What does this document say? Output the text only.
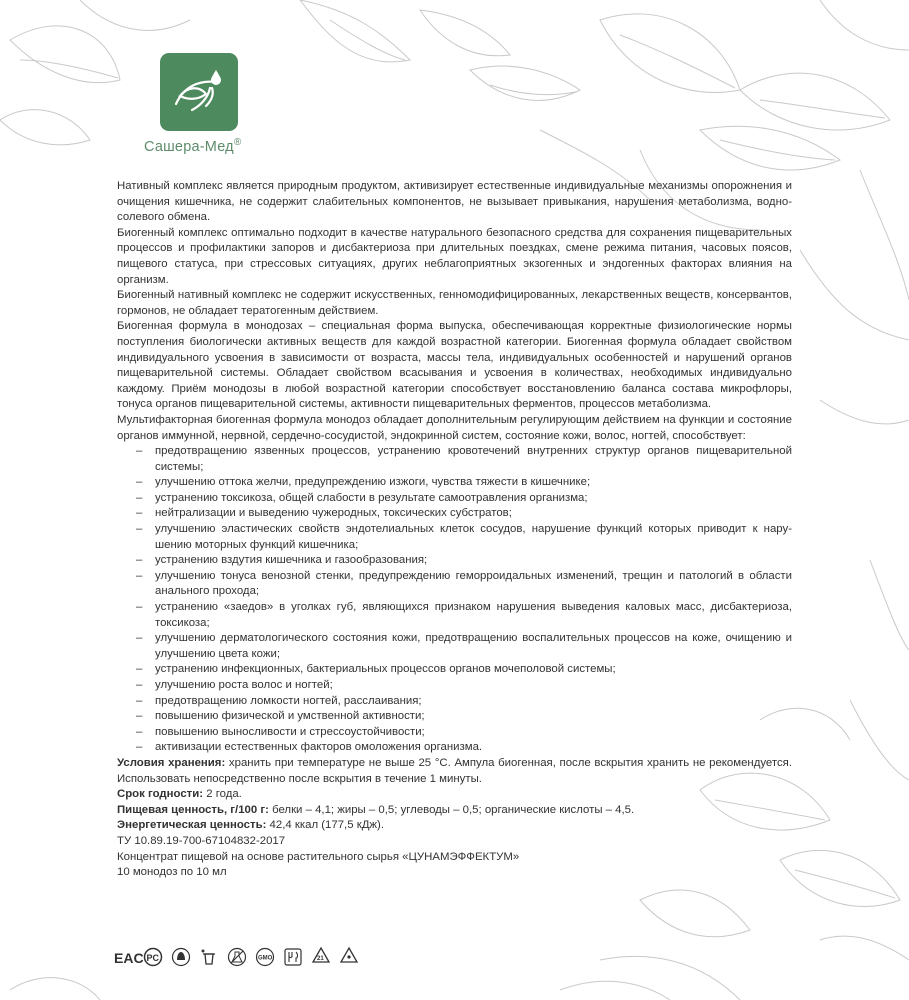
Сашера-Мед®

Нативный комплекс является природным продуктом, активизирует естественные индивидуальные механизмы опорожнения и очищения кишечника, не содержит слабительных компонентов, не вызывает привыкания, нарушения метаболизма, водно-солевого обмена.

Биогенный комплекс оптимально подходит в качестве натурального безопасного средства для сохранения пищеварительных процессов и профилактики запоров и дисбактериоза при длительных поездках, смене режима питания, часовых поясов, пищевого статуса, при стрессовых ситуациях, других неблагоприятных экзогенных и эндогенных факторах влияния на организм.

Биогенный нативный комплекс не содержит искусственных, генномодифицированных, лекарственных веществ, консервантов, гормонов, не обладает тератогенным действием.

Биогенная формула в монодозах – специальная форма выпуска, обеспечивающая корректные физиологические нормы поступления биологически активных веществ для каждой возрастной категории. Биогенная формула обладает свойством индивидуального усвоения в зависимости от возраста, массы тела, индивидуальных особенностей и нарушений органов пищеварительной системы. Обладает свойством всасывания и усвоения в количествах, необходимых индивидуально каждому. Приём монодозы в любой возрастной категории способствует восстановлению баланса состава микрофлоры, тонуса органов пищеварительной системы, активности пищеварительных ферментов, процессов метаболизма.

Мультифакторная биогенная формула монодоз обладает дополнительным регулирующим действием на функции и состояние органов иммунной, нервной, сердечно-сосудистой, эндокринной систем, состояние кожи, волос, ногтей, способствует:

– предотвращению язвенных процессов, устранению кровотечений внутренних структур органов пищеварительной системы;
– улучшению оттока желчи, предупреждению изжоги, чувства тяжести в кишечнике;
– устранению токсикоза, общей слабости в результате самоотравления организма;
– нейтрализации и выведению чужеродных, токсических субстратов;
– улучшению эластических свойств эндотелиальных клеток сосудов, нарушение функций которых приводит к нару-шению моторных функций кишечника;
– устранению вздутия кишечника и газообразования;
– улучшению тонуса венозной стенки, предупреждению геморроидальных изменений, трещин и патологий в области анального прохода;
– устранению «заедов» в уголках губ, являющихся признаком нарушения выведения каловых масс, дисбактериоза, токсикоза;
– улучшению дерматологического состояния кожи, предотвращению воспалительных процессов на коже, очищению и улучшению цвета кожи;
– устранению инфекционных, бактериальных процессов органов мочеполовой системы;
– улучшению роста волос и ногтей;
– предотвращению ломкости ногтей, расслаивания;
– повышению физической и умственной активности;
– повышению выносливости и стрессоустойчивости;
– активизации естественных факторов омоложения организма.

Условия хранения: хранить при температуре не выше 25 °С. Ампула биогенная, после вскрытия хранить не рекомендуется. Использовать непосредственно после вскрытия в течение 1 минуты.

Срок годности: 2 года.

Пищевая ценность, г/100 г: белки – 4,1; жиры – 0,5; углеводы – 0,5; органические кислоты – 4,5.

Энергетическая ценность: 42,4 ккал (177,5 кДж).

ТУ 10.89.19-700-67104832-2017

Концентрат пищевой на основе растительного сырья «ЦУНАМЭФФЕКТУМ»

10 монодоз по 10 мл

EAC PC	GMO	21
